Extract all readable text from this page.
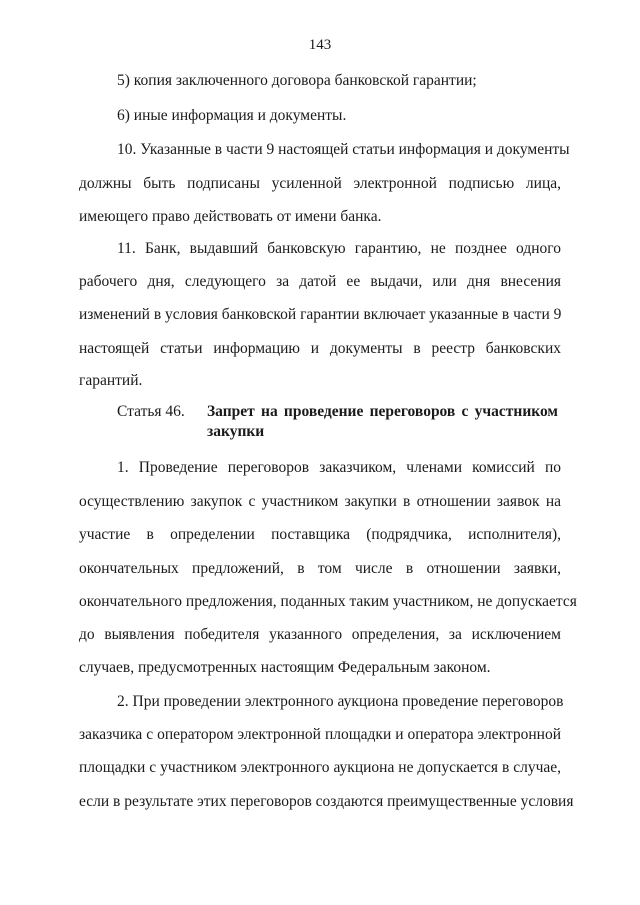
143
5) копия заключенного договора банковской гарантии;
6) иные информация и документы.
10. Указанные в части 9 настоящей статьи информация и документы
должны быть подписаны усиленной электронной подписью лица,
имеющего право действовать от имени банка.
11. Банк, выдавший банковскую гарантию, не позднее одного
рабочего дня, следующего за датой ее выдачи, или дня внесения
изменений в условия банковской гарантии включает указанные в части 9
настоящей статьи информацию и документы в реестр банковских
гарантий.
Статья 46. Запрет на проведение переговоров с участником
закупки
1. Проведение переговоров заказчиком, членами комиссий по
осуществлению закупок с участником закупки в отношении заявок на
участие в определении поставщика (подрядчика, исполнителя),
окончательных предложений, в том числе в отношении заявки,
окончательного предложения, поданных таким участником, не допускается
до выявления победителя указанного определения, за исключением
случаев, предусмотренных настоящим Федеральным законом.
2. При проведении электронного аукциона проведение переговоров
заказчика с оператором электронной площадки и оператора электронной
площадки с участником электронного аукциона не допускается в случае,
если в результате этих переговоров создаются преимущественные условия
